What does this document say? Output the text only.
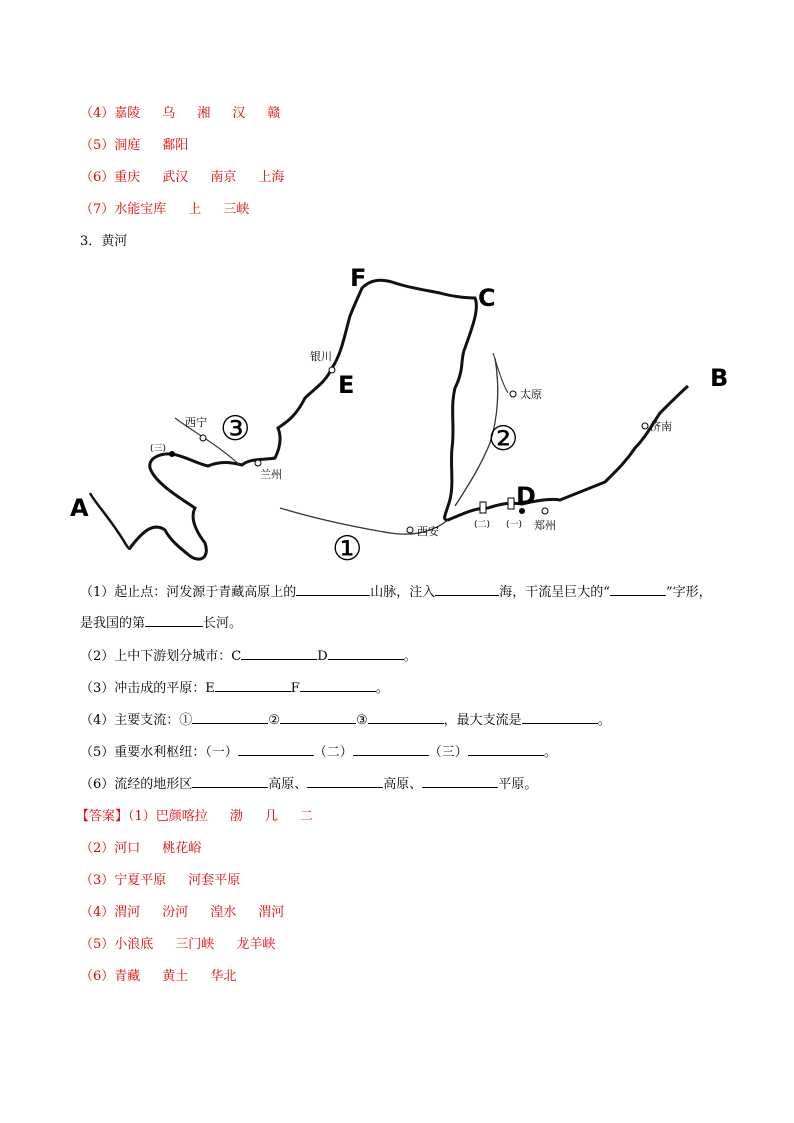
（4）嘉陵 乌 湘 汉 赣
（5）洞庭 鄱阳
（6）重庆 武汉 南京 上海
（7）水能宝库 上 三峡
3．黄河
A
B
C
D
E
F
①
②
③
西宁
兰州
银川
太原
济南
西安	郑州
(一)
(二)
(三)
（1）起止点：河发源于青藏高原上的	山脉，注入	海，干流呈巨大的“	”字形，
是我国的第	长河。
（2）上中下游划分城市：C	D	。
（3）冲击成的平原：E	F	。
（4）主要支流：①	②	③	，最大支流是	。
（5）重要水利枢纽：（一）	（二）	（三）	。
（6）流经的地形区	高原、	高原、	平原。
【答案】（1）巴颜喀拉 渤 几 二
（2）河口 桃花峪
（3）宁夏平原 河套平原
（4）渭河 汾河 湟水 渭河
（5）小浪底 三门峡 龙羊峡
（6）青藏 黄土 华北
